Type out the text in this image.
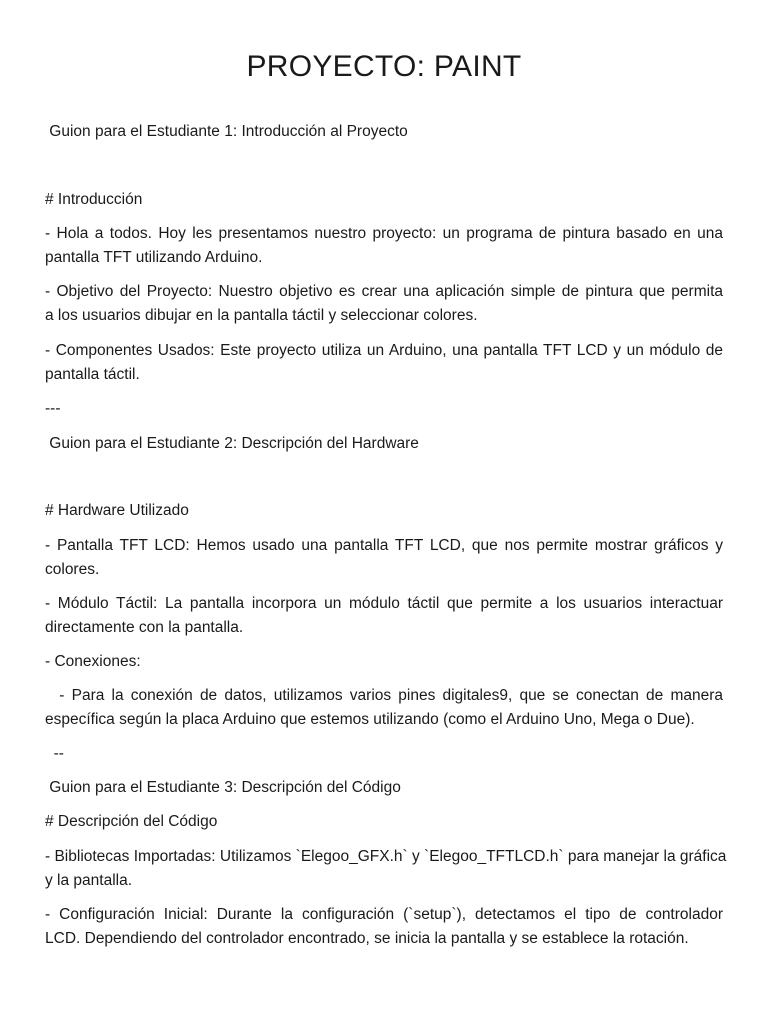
PROYECTO: PAINT
Guion para el Estudiante 1: Introducción al Proyecto
# Introducción
- Hola a todos. Hoy les presentamos nuestro proyecto: un programa de pintura basado en una
pantalla TFT utilizando Arduino.
- Objetivo del Proyecto: Nuestro objetivo es crear una aplicación simple de pintura que permita
a los usuarios dibujar en la pantalla táctil y seleccionar colores.
- Componentes Usados: Este proyecto utiliza un Arduino, una pantalla TFT LCD y un módulo de
pantalla táctil.
---
Guion para el Estudiante 2: Descripción del Hardware
# Hardware Utilizado
- Pantalla TFT LCD: Hemos usado una pantalla TFT LCD, que nos permite mostrar gráficos y
colores.
- Módulo Táctil: La pantalla incorpora un módulo táctil que permite a los usuarios interactuar
directamente con la pantalla.
- Conexiones:
- Para la conexión de datos, utilizamos varios pines digitales9, que se conectan de manera
específica según la placa Arduino que estemos utilizando (como el Arduino Uno, Mega o Due).
--
Guion para el Estudiante 3: Descripción del Código
# Descripción del Código
- Bibliotecas Importadas: Utilizamos `Elegoo_GFX.h` y `Elegoo_TFTLCD.h` para manejar la gráfica
y la pantalla.
- Configuración Inicial: Durante la configuración (`setup`), detectamos el tipo de controlador
LCD. Dependiendo del controlador encontrado, se inicia la pantalla y se establece la rotación.
